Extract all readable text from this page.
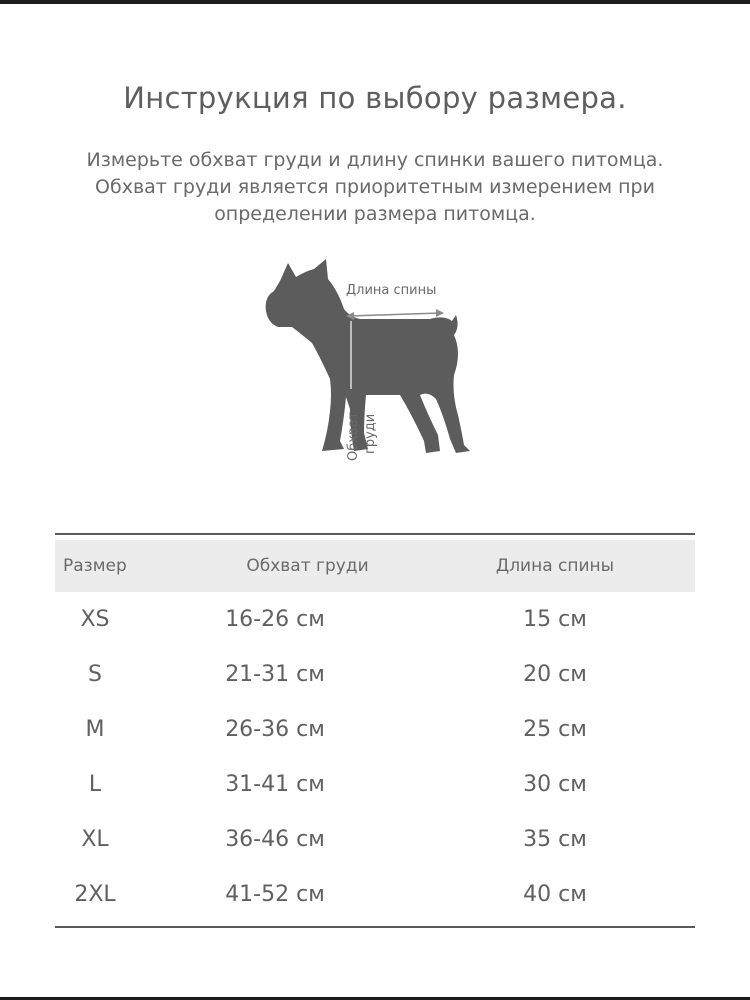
Инструкция по выбору размера.
Измерьте обхват груди и длину спинки вашего питомца.
Обхват груди является приоритетным измерением при
определении размера питомца.
Длина спины
Обхват груди
Размер	Обхват груди	Длина спины
XS	16-26 см	15 см
S	21-31 см	20 см
M	26-36 см	25 см
L	31-41 см	30 см
XL	36-46 см	35 см
2XL	41-52 см	40 см
